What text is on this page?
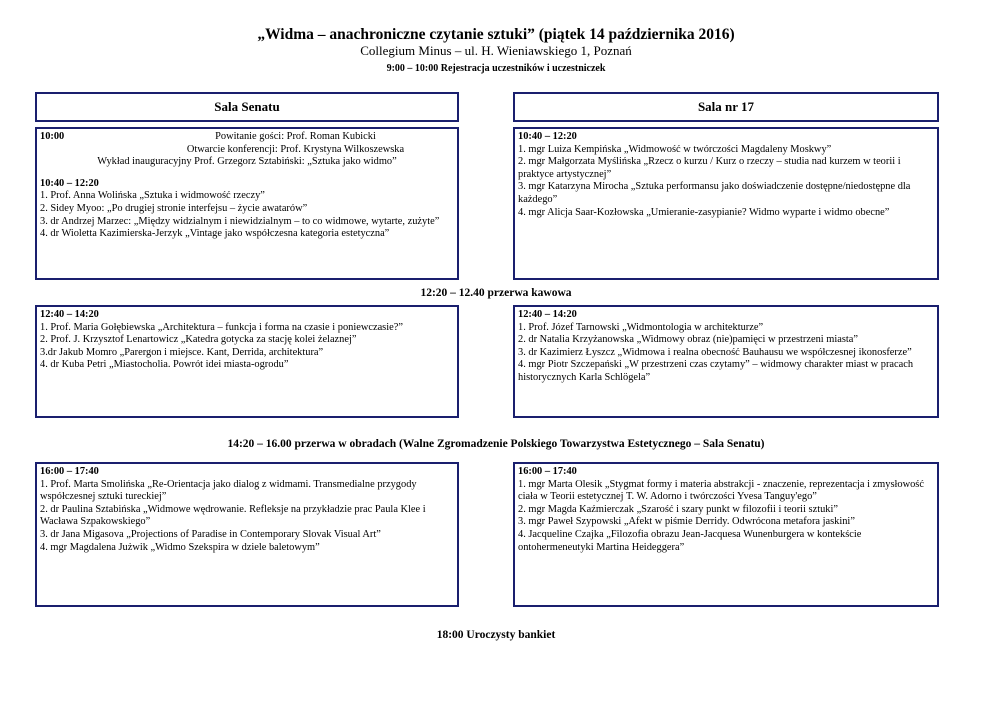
„Widma – anachroniczne czytanie sztuki” (piątek 14 października 2016)
Collegium Minus – ul. H. Wieniawskiego 1, Poznań
9:00 – 10:00 Rejestracja uczestników i uczestniczek
Sala Senatu	Sala nr 17
10:00	Powitanie gości: Prof. Roman Kubicki
Otwarcie konferencji: Prof. Krystyna Wilkoszewska
Wykład inauguracyjny Prof. Grzegorz Sztabiński: „Sztuka jako widmo”
10:40 – 12:20
1. Prof. Anna Wolińska „Sztuka i widmowość rzeczy”
2. Sidey Myoo: „Po drugiej stronie interfejsu – życie awatarów”
3. dr Andrzej Marzec: „Między widzialnym i niewidzialnym – to co widmowe, wytarte, zużyte”
4. dr Wioletta Kazimierska-Jerzyk „Vintage jako współczesna kategoria estetyczna”
10:40 – 12:20
1. mgr Luiza Kempińska „Widmowość w twórczości Magdaleny Moskwy”
2. mgr Małgorzata Myślińska „Rzecz o kurzu / Kurz o rzeczy – studia nad kurzem w teorii i praktyce artystycznej”
3. mgr Katarzyna Mirocha „Sztuka performansu jako doświadczenie dostępne/niedostępne dla każdego”
4. mgr Alicja Saar-Kozłowska „Umieranie-zasypianie? Widmo wyparte i widmo obecne”
12:20 – 12.40 przerwa kawowa
12:40 – 14:20
1. Prof. Maria Gołębiewska „Architektura – funkcja i forma na czasie i poniewczasie?”
2. Prof. J. Krzysztof Lenartowicz „Katedra gotycka za stację kolei żelaznej”
3.dr Jakub Momro „Parergon i miejsce. Kant, Derrida, architektura”
4. dr Kuba Petri „Miastocholia. Powrót idei miasta-ogrodu”
12:40 – 14:20
1. Prof. Józef Tarnowski „Widmontologia w architekturze”
2. dr Natalia Krzyżanowska „Widmowy obraz (nie)pamięci w przestrzeni miasta”
3. dr Kazimierz Łyszcz „Widmowa i realna obecność Bauhausu we współczesnej ikonosferze”
4. mgr Piotr Szczepański „W przestrzeni czas czytamy” – widmowy charakter miast w pracach historycznych Karla Schlögela”
14:20 – 16.00 przerwa w obradach (Walne Zgromadzenie Polskiego Towarzystwa Estetycznego – Sala Senatu)
16:00 – 17:40
1. Prof. Marta Smolińska „Re-Orientacja jako dialog z widmami. Transmedialne przygody współczesnej sztuki tureckiej”
2. dr Paulina Sztabińska „Widmowe wędrowanie. Refleksje na przykładzie prac Paula Klee i Wacława Szpakowskiego”
3. dr Jana Migasova „Projections of Paradise in Contemporary Slovak Visual Art”
4. mgr Magdalena Jużwik „Widmo Szekspira w dziele baletowym”
16:00 – 17:40
1. mgr Marta Olesik „Stygmat formy i materia abstrakcji - znaczenie, reprezentacja i zmysłowość ciała w Teorii estetycznej T. W. Adorno i twórczości Yvesa Tanguy'ego”
2. mgr Magda Kaźmierczak „Szarość i szary punkt w filozofii i teorii sztuki”
3. mgr Paweł Szypowski „Afekt w piśmie Derridy. Odwrócona metafora jaskini”
4. Jacqueline Czajka „Filozofia obrazu Jean-Jacquesa Wunenburgera w kontekście ontohermeneutyki Martina Heideggera”
18:00 Uroczysty bankiet
